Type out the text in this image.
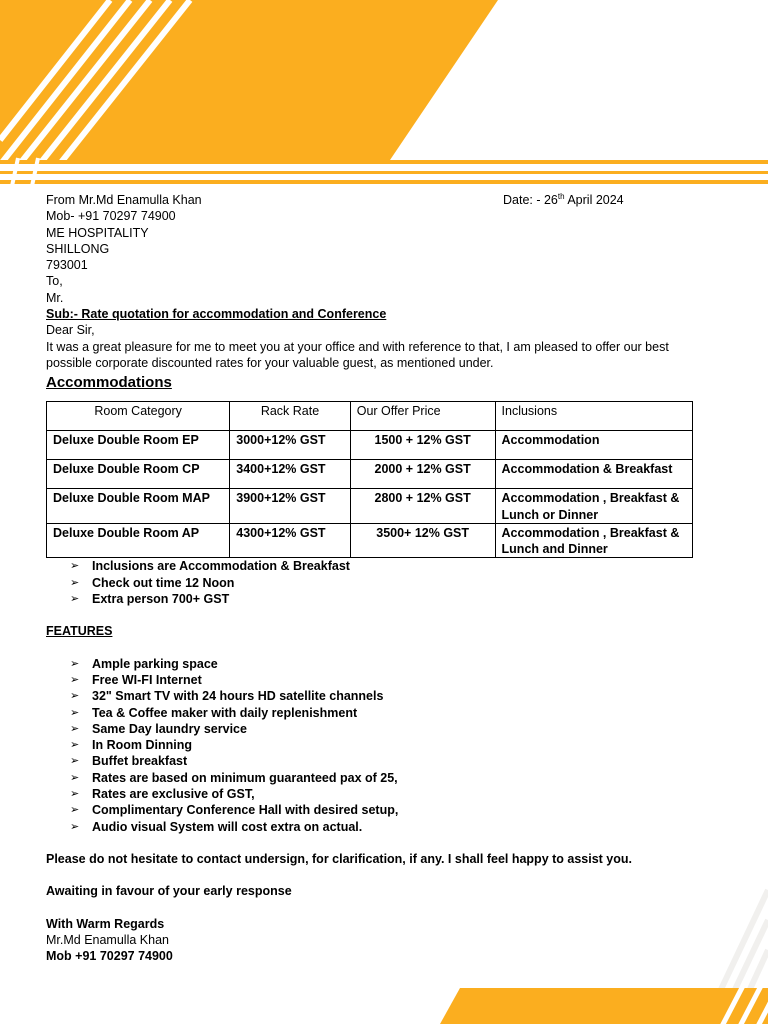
Date: - 26th April 2024
From Mr.Md Enamulla Khan
Mob- +91 70297 74900
ME HOSPITALITY
SHILLONG
793001
To,
Mr.
Sub:- Rate quotation for accommodation and Conference
Dear Sir,
It was a great pleasure for me to meet you at your office and with reference to that, I am pleased to offer our best possible corporate discounted rates for your valuable guest, as mentioned under.
Accommodations
Room Category	Rack Rate	Our Offer Price	Inclusions
Deluxe Double Room EP	3000+12% GST	1500 + 12% GST	Accommodation
Deluxe Double Room CP	3400+12% GST	2000 + 12% GST	Accommodation & Breakfast
Deluxe Double Room MAP	3900+12% GST	2800 + 12% GST	Accommodation , Breakfast & Lunch or Dinner
Deluxe Double Room AP	4300+12% GST	3500+ 12% GST	Accommodation , Breakfast & Lunch and Dinner
➢ Inclusions are Accommodation & Breakfast
➢ Check out time 12 Noon
➢ Extra person 700+ GST
FEATURES
➢ Ample parking space
➢ Free WI-FI Internet
➢ 32" Smart TV with 24 hours HD satellite channels
➢ Tea & Coffee maker with daily replenishment
➢ Same Day laundry service
➢ In Room Dinning
➢ Buffet breakfast
➢ Rates are based on minimum guaranteed pax of 25,
➢ Rates are exclusive of GST,
➢ Complimentary Conference Hall with desired setup,
➢ Audio visual System will cost extra on actual.
Please do not hesitate to contact undersign, for clarification, if any. I shall feel happy to assist you.
Awaiting in favour of your early response
With Warm Regards
Mr.Md Enamulla Khan
Mob +91 70297 74900
